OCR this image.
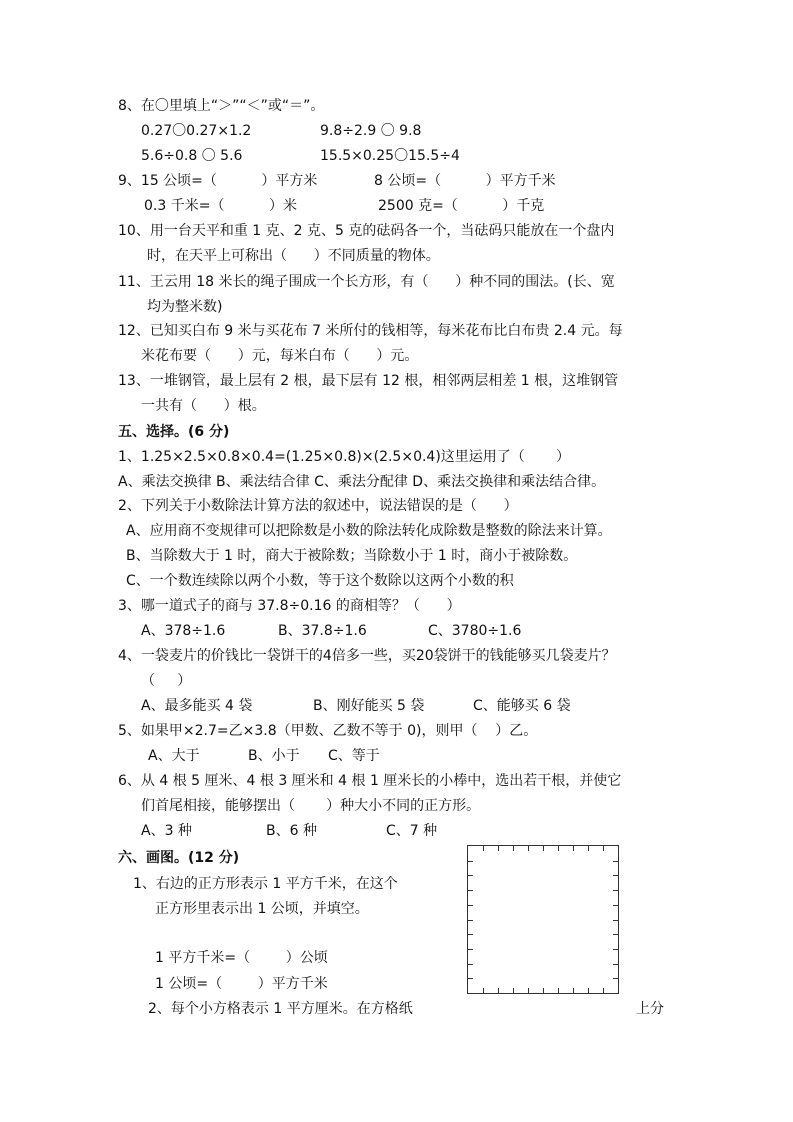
8、在〇里填上“＞”“＜”或“＝”。
0.27〇0.27×1.2	9.8÷2.9 〇 9.8
5.6÷0.8 〇 5.6	15.5×0.25〇15.5÷4
9、15 公顷=（          ）平方米	8 公顷=（          ）平方千米
0.3 千米=（          ）米	2500 克=（          ）千克
10、用一台天平和重 1 克、2 克、5 克的砝码各一个，当砝码只能放在一个盘内
时，在天平上可称出（      ）不同质量的物体。
11、王云用 18 米长的绳子围成一个长方形，有（      ）种不同的围法。(长、宽
均为整米数)
12、已知买白布 9 米与买花布 7 米所付的钱相等，每米花布比白布贵 2.4 元。每
米花布要（      ）元，每米白布（      ）元。
13、一堆钢管，最上层有 2 根，最下层有 12 根，相邻两层相差 1 根，这堆钢管
一共有（      ）根。
五、选择。(6 分)
1、1.25×2.5×0.8×0.4=(1.25×0.8)×(2.5×0.4)这里运用了（       ）
A、乘法交换律 B、乘法结合律 C、乘法分配律 D、乘法交换律和乘法结合律。
2、下列关于小数除法计算方法的叙述中，说法错误的是（      ）
A、应用商不变规律可以把除数是小数的除法转化成除数是整数的除法来计算。
B、当除数大于 1 时，商大于被除数；当除数小于 1 时，商小于被除数。
C、一个数连续除以两个小数，等于这个数除以这两个小数的积
3、哪一道式子的商与 37.8÷0.16 的商相等？（      ）
A、378÷1.6	B、37.8÷1.6	C、3780÷1.6
4、一袋麦片的价钱比一袋饼干的4倍多一些，买20袋饼干的钱能够买几袋麦片？
（     ）
A、最多能买 4 袋	B、刚好能买 5 袋	C、能够买 6 袋
5、如果甲×2.7=乙×3.8（甲数、乙数不等于 0)，则甲（    ）乙。
A、大于	B、小于 C、等于
6、从 4 根 5 厘米、4 根 3 厘米和 4 根 1 厘米长的小棒中，选出若干根，并使它
们首尾相接，能够摆出（       ）种大小不同的正方形。
A、3 种	B、6 种	C、7 种
六、画图。(12 分)
1、右边的正方形表示 1 平方千米，在这个
正方形里表示出 1 公顷，并填空。
1 平方千米=（        ）公顷
1 公顷=（        ）平方千米
2、每个小方格表示 1 平方厘米。在方格纸	上分
